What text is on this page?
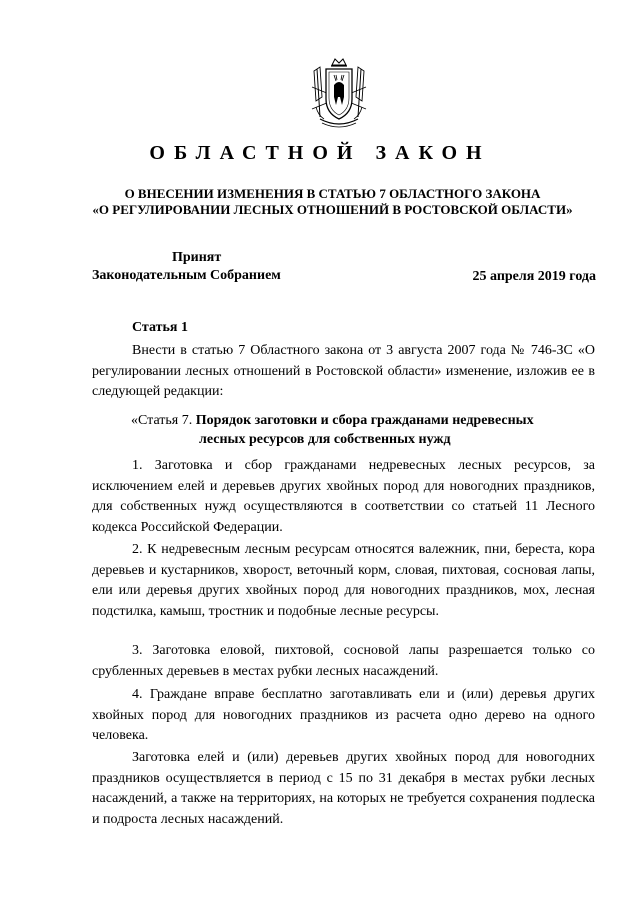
ОБЛАСТНОЙ ЗАКОН
О ВНЕСЕНИИ ИЗМЕНЕНИЯ В СТАТЬЮ 7 ОБЛАСТНОГО ЗАКОНА
«О РЕГУЛИРОВАНИИ ЛЕСНЫХ ОТНОШЕНИЙ В РОСТОВСКОЙ ОБЛАСТИ»
Принят
Законодательным Собранием	25 апреля 2019 года
Статья 1

Внести в статью 7 Областного закона от 3 августа 2007 года № 746-ЗС «О регулировании лесных отношений в Ростовской области» изменение, изложив ее в следующей редакции:

«Статья 7. Порядок заготовки и сбора гражданами недревесных
лесных ресурсов для собственных нужд

1. Заготовка и сбор гражданами недревесных лесных ресурсов, за исключением елей и деревьев других хвойных пород для новогодних праздников, для собственных нужд осуществляются в соответствии со статьей 11 Лесного кодекса Российской Федерации.

2. К недревесным лесным ресурсам относятся валежник, пни, береста, кора деревьев и кустарников, хворост, веточный корм, словая, пихтовая, сосновая лапы, ели или деревья других хвойных пород для новогодних праздников, мох, лесная подстилка, камыш, тростник и подобные лесные ресурсы.

3. Заготовка еловой, пихтовой, сосновой лапы разрешается только со срубленных деревьев в местах рубки лесных насаждений.

4. Граждане вправе бесплатно заготавливать ели и (или) деревья других хвойных пород для новогодних праздников из расчета одно дерево на одного человека.

Заготовка елей и (или) деревьев других хвойных пород для новогодних праздников осуществляется в период с 15 по 31 декабря в местах рубки лесных насаждений, а также на территориях, на которых не требуется сохранения подлеска и подроста лесных насаждений.
